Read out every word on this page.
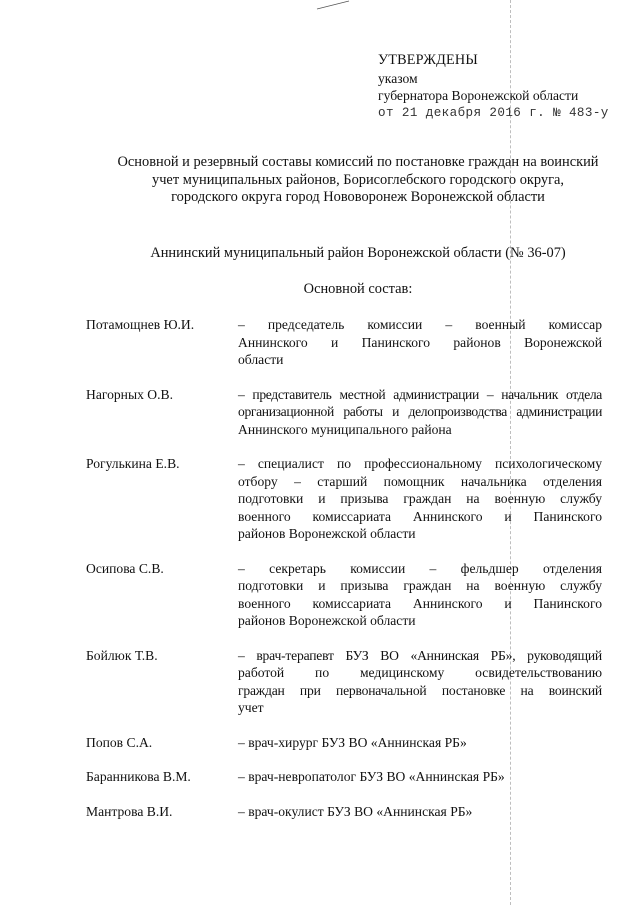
УТВЕРЖДЕНЫ
указом
губернатора Воронежской области
от 21 декабря 2016 г. № 483-у
Основной и резервный составы комиссий по постановке граждан на воинский
учет муниципальных районов, Борисоглебского городского округа,
городского округа город Нововоронеж Воронежской области
Аннинский муниципальный район Воронежской области (№ 36-07)
Основной состав:
Потамощнев Ю.И.	– председатель комиссии – военный комиссар
Аннинского и Панинского районов Воронежской
области
Нагорных О.В.	– представитель местной администрации – начальник отдела
организационной работы и делопроизводства администрации
Аннинского муниципального района
Рогулькина Е.В.	– специалист по профессиональному психологическому
отбору – старший помощник начальника отделения
подготовки и призыва граждан на военную службу
военного комиссариата Аннинского и Панинского
районов Воронежской области
Осипова С.В.	– секретарь комиссии – фельдшер отделения
подготовки и призыва граждан на военную службу
военного комиссариата Аннинского и Панинского
районов Воронежской области
Бойлюк Т.В.	– врач-терапевт БУЗ ВО «Аннинская РБ», руководящий
работой по медицинскому освидетельствованию
граждан при первоначальной постановке на воинский
учет
Попов С.А.	– врач-хирург БУЗ ВО «Аннинская РБ»
Баранникова В.М.	– врач-невропатолог БУЗ ВО «Аннинская РБ»
Мантрова В.И.	– врач-окулист БУЗ ВО «Аннинская РБ»
